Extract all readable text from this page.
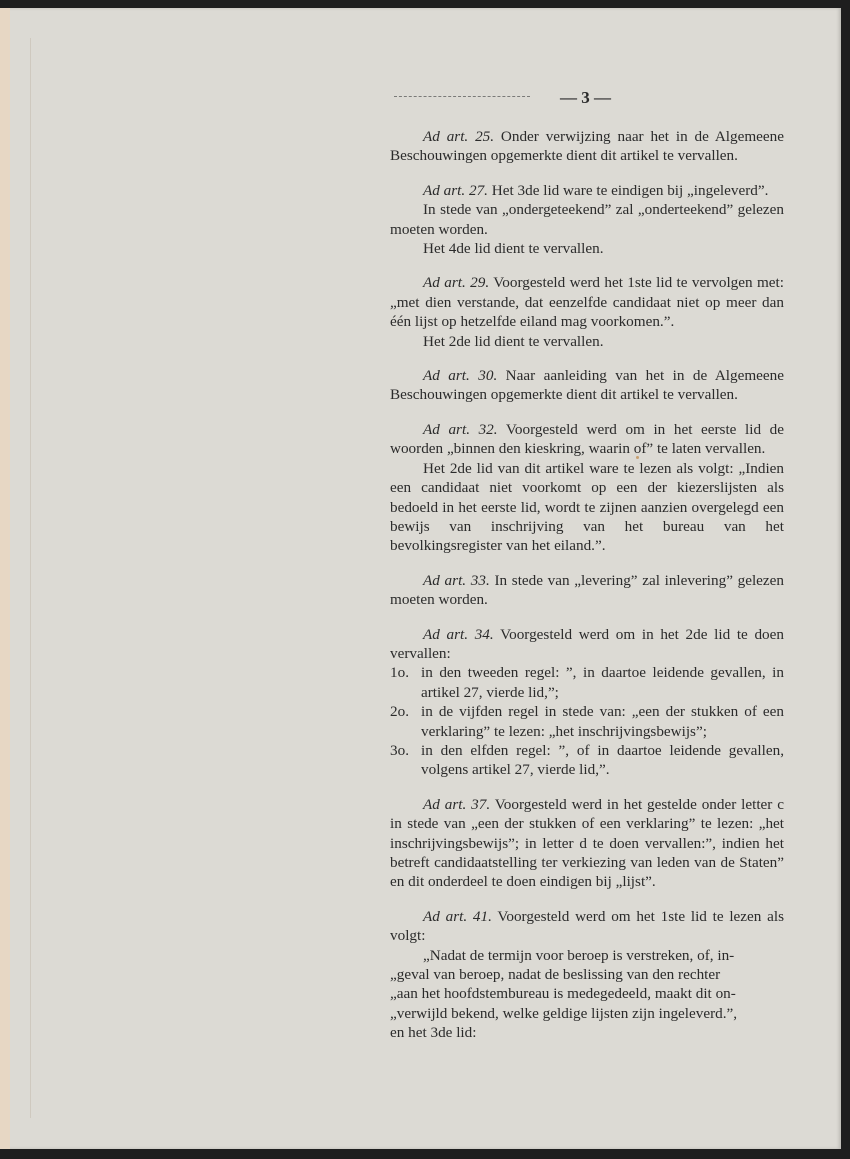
— 3 —

Ad art. 25. Onder verwijzing naar het in de Algemeene Beschouwingen opgemerkte dient dit artikel te vervallen.

Ad art. 27. Het 3de lid ware te eindigen bij „ingeleverd”.

In stede van „ondergeteekend” zal „onderteekend” gelezen moeten worden.

Het 4de lid dient te vervallen.

Ad art. 29. Voorgesteld werd het 1ste lid te vervolgen met: „met dien verstande, dat eenzelfde candidaat niet op meer dan één lijst op hetzelfde eiland mag voorkomen.”.

Het 2de lid dient te vervallen.

Ad art. 30. Naar aanleiding van het in de Algemeene Beschouwingen opgemerkte dient dit artikel te vervallen.

Ad art. 32. Voorgesteld werd om in het eerste lid de woorden „binnen den kieskring, waarin of” te laten vervallen.

Het 2de lid van dit artikel ware te lezen als volgt: „Indien een candidaat niet voorkomt op een der kiezerslijsten als bedoeld in het eerste lid, wordt te zijnen aanzien overgelegd een bewijs van inschrijving van het bureau van het bevolkingsregister van het eiland.”.

Ad art. 33. In stede van „levering” zal inlevering” gelezen moeten worden.

Ad art. 34. Voorgesteld werd om in het 2de lid te doen vervallen:

1o. in den tweeden regel: ”, in daartoe leidende gevallen, in artikel 27, vierde lid,”;
2o. in de vijfden regel in stede van: „een der stukken of een verklaring” te lezen: „het inschrijvingsbewijs”;
3o. in den elfden regel: ”, of in daartoe leidende gevallen, volgens artikel 27, vierde lid,”.

Ad art. 37. Voorgesteld werd in het gestelde onder letter c in stede van „een der stukken of een verklaring” te lezen: „het inschrijvingsbewijs”; in letter d te doen vervallen:”, indien het betreft candidaatstelling ter verkiezing van leden van de Staten” en dit onderdeel te doen eindigen bij „lijst”.

Ad art. 41. Voorgesteld werd om het 1ste lid te lezen als volgt:

„Nadat de termijn voor beroep is verstreken, of, in-

„geval van beroep, nadat de beslissing van den rechter

„aan het hoofdstembureau is medegedeeld, maakt dit on-

„verwijld bekend, welke geldige lijsten zijn ingeleverd.”,

en het 3de lid:
